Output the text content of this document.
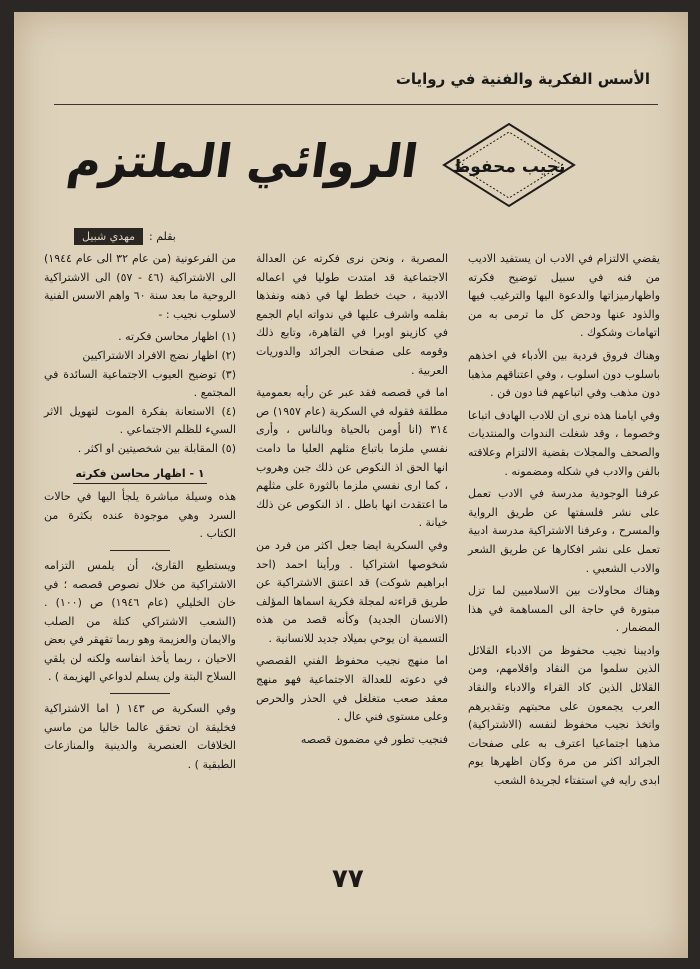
الأسس الفكرية والفنية في روايات
نجيب محفوظ
الروائي الملتزم
بقلم :
مهدي شبيل

يقضي الالتزام في الادب ان يستفيد الاديب من فنه في سبيل توضيح فكرته واظهارميزاتها والدعوة اليها والترغيب فيها والذود عنها ودحض كل ما ترمى به من اتهامات وشكوك .

وهناك فروق فردية بين الأدباء في اخذهم باسلوب دون اسلوب ، وفي اعتناقهم مذهبا دون مذهب وفي اتباعهم فنا دون فن .

وفي ايامنا هذه نرى ان للادب الهادف اتباعا وخصوما ، وقد شغلت الندوات والمنتديات والصحف والمجلات بقضية الالتزام وعلاقته بالفن والادب في شكله ومضمونه .

عرفنا الوجودية مدرسة في الادب تعمل على نشر فلسفتها عن طريق الرواية والمسرح ، وعرفنا الاشتراكية مدرسة ادبية تعمل على نشر افكارها عن طريق الشعر والادب الشعبي .

وهناك محاولات بين الاسلاميين لما تزل مبتورة في حاجة الى المساهمة في هذا المضمار .

واديبنا نجيب محفوظ من الادباء القلائل الذين سلموا من النقاد واقلامهم، ومن القلائل الذين كاد القراء والادباء والنقاد العرب يجمعون على محبتهم وتقديرهم واتخذ نجيب محفوظ لنفسه (الاشتراكية) مذهبا اجتماعيا اعترف به على صفحات الجرائد اكثر من مرة وكان اظهرها يوم ابدى رايه في استفتاء لجريدة الشعب

المصرية ، ونحن نرى فكرته عن العدالة الاجتماعية قد امتدت طوليا في اعماله الادبية ، حيث خطط لها في ذهنه ونفذها بقلمه واشرف عليها في ندواته ايام الجمع في كازينو اوبرا في القاهرة، وتابع ذلك وقومه على صفحات الجرائد والدوريات العربية .

اما في قصصه فقد عبر عن رأيه بعمومية مطلقة فقوله في السكرية (عام ١٩٥٧) ص ٣١٤ (انا أومن بالحياة وبالناس ، وأرى نفسي ملزما باتباع مثلهم العليا ما دامت انها الحق اذ النكوص عن ذلك جبن وهروب ، كما ارى نفسي ملزما بالثورة على مثلهم ما اعتقدت انها باطل . اذ النكوص عن ذلك خيانة .

وفي السكرية ايضا جعل اكثر من فرد من شخوصها اشتراكيا . ورأينا احمد (احد ابراهيم شوكت) قد اعتنق الاشتراكية عن طريق قراءته لمجلة فكرية اسماها المؤلف (الانسان الجديد) وكأنه قصد من هذه التسمية ان يوحي بميلاد جديد للانسانية .

اما منهج نجيب محفوظ الفني القصصي في دعوته للعدالة الاجتماعية فهو منهج معقد صعب متغلغل في الحذر والحرص وعلى مستوى فني عال .

فنجيب تطور في مضمون قصصه

من الفرعونية (من عام ٣٢ الى عام ١٩٤٤) الى الاشتراكية (٤٦ - ٥٧) الى الاشتراكية الروحية ما بعد سنة ٦٠ واهم الاسس الفنية لاسلوب نجيب : -

(١) اظهار محاسن فكرته .

(٢) اظهار نضج الافراد الاشتراكيين

(٣) توضيح العيوب الاجتماعية السائدة في المجتمع .

(٤) الاستعانة بفكرة الموت لتهويل الاثر السيء للظلم الاجتماعي .

(٥) المقابلة بين شخصيتين او اكثر .

١ - اظهار محاسن فكرته

هذه وسيلة مباشرة يلجأ اليها في حالات السرد وهي موجودة عنده بكثرة من الكتاب .

ويستطيع القارئ، أن يلمس التزامه الاشتراكية من خلال نصوص قصصه ؛ في خان الخليلي (عام ١٩٤٦) ص (١٠٠) . (الشعب الاشتراكي كتلة من الصلب والايمان والعزيمة وهو ربما تقهقر في بعض الاحيان ، ربما يأخذ انفاسه ولكنه لن يلقي السلاح البتة ولن يسلم لدواعي الهزيمة ) .

وفي السكرية ص ١٤٣ ( اما الاشتراكية فخليقة ان تحقق عالما خاليا من ماسي الخلافات العنصرية والدينية والمنازعات الطبقية ) .

٧٧
